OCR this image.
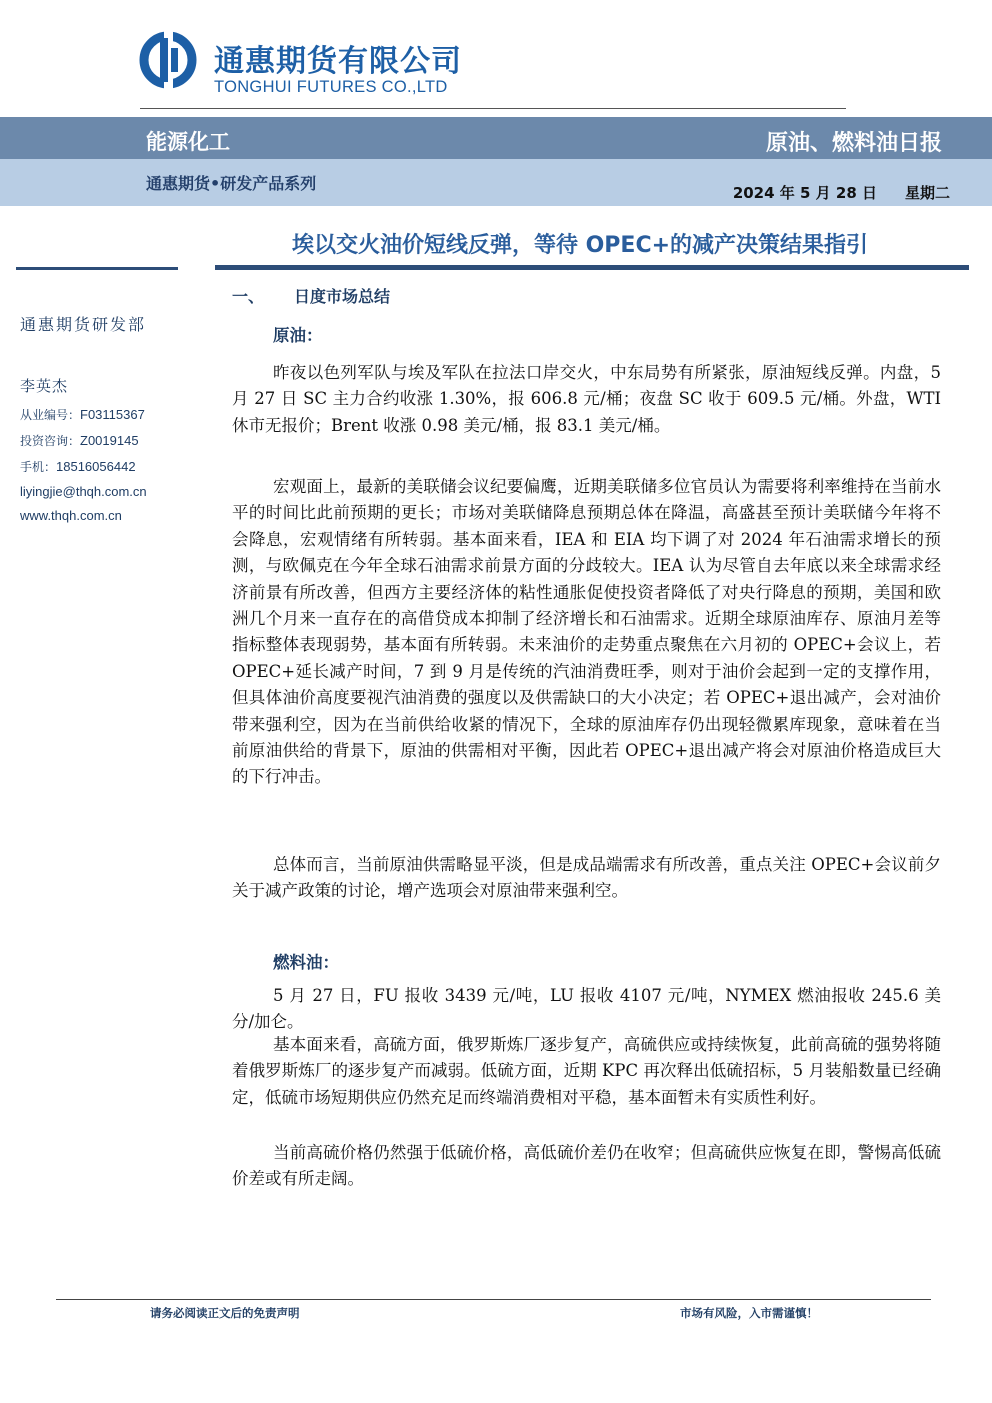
通惠期货有限公司
TONGHUI FUTURES CO.,LTD
能源化工	原油、燃料油日报
通惠期货•研发产品系列	2024 年 5 月 28 日 星期二
埃以交火油价短线反弹，等待 OPEC+的减产决策结果指引
通惠期货研发部
李英杰
从业编号：F03115367
投资咨询：Z0019145
手机：18516056442
liyingjie@thqh.com.cn
www.thqh.com.cn
一、 日度市场总结
原油：

昨夜以色列军队与埃及军队在拉法口岸交火，中东局势有所紧张，原油短线反弹。内盘，5 月 27 日 SC 主力合约收涨 1.30%，报 606.8 元/桶；夜盘 SC 收于 609.5 元/桶。外盘，WTI 休市无报价；Brent 收涨 0.98 美元/桶，报 83.1 美元/桶。

宏观面上，最新的美联储会议纪要偏鹰，近期美联储多位官员认为需要将利率维持在当前水平的时间比此前预期的更长；市场对美联储降息预期总体在降温，高盛甚至预计美联储今年将不会降息，宏观情绪有所转弱。基本面来看，IEA 和 EIA 均下调了对 2024 年石油需求增长的预测，与欧佩克在今年全球石油需求前景方面的分歧较大。IEA 认为尽管自去年底以来全球需求经济前景有所改善，但西方主要经济体的粘性通胀促使投资者降低了对央行降息的预期，美国和欧洲几个月来一直存在的高借贷成本抑制了经济增长和石油需求。近期全球原油库存、原油月差等指标整体表现弱势，基本面有所转弱。未来油价的走势重点聚焦在六月初的 OPEC+会议上，若 OPEC+延长减产时间，7 到 9 月是传统的汽油消费旺季，则对于油价会起到一定的支撑作用，但具体油价高度要视汽油消费的强度以及供需缺口的大小决定；若 OPEC+退出减产，会对油价带来强利空，因为在当前供给收紧的情况下，全球的原油库存仍出现轻微累库现象，意味着在当前原油供给的背景下，原油的供需相对平衡，因此若 OPEC+退出减产将会对原油价格造成巨大的下行冲击。

总体而言，当前原油供需略显平淡，但是成品端需求有所改善，重点关注 OPEC+会议前夕关于减产政策的讨论，增产选项会对原油带来强利空。

燃料油：

5 月 27 日，FU 报收 3439 元/吨，LU 报收 4107 元/吨，NYMEX 燃油报收 245.6 美分/加仑。

基本面来看，高硫方面，俄罗斯炼厂逐步复产，高硫供应或持续恢复，此前高硫的强势将随着俄罗斯炼厂的逐步复产而减弱。低硫方面，近期 KPC 再次释出低硫招标，5 月装船数量已经确定，低硫市场短期供应仍然充足而终端消费相对平稳，基本面暂未有实质性利好。

当前高硫价格仍然强于低硫价格，高低硫价差仍在收窄；但高硫供应恢复在即，警惕高低硫价差或有所走阔。

请务必阅读正文后的免责声明	市场有风险，入市需谨慎！
